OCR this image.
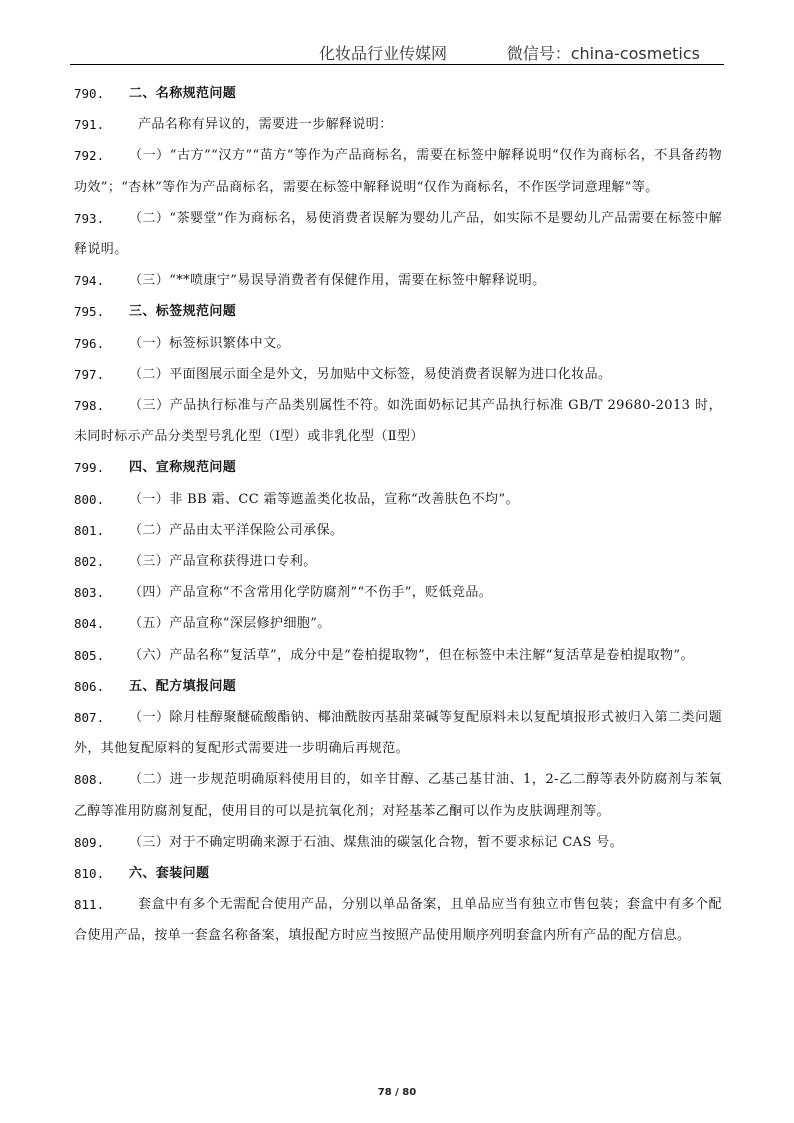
化妆品行业传媒网	微信号：china-cosmetics
790.	二、名称规范问题
791.	产品名称有异议的，需要进一步解释说明：
792.	（一）“古方”“汉方”“苗方”等作为产品商标名，需要在标签中解释说明“仅作为商标名，不具备药物功效”；“杏林”等作为产品商标名，需要在标签中解释说明“仅作为商标名，不作医学词意理解”等。
793.	（二）“茶婴堂”作为商标名，易使消费者误解为婴幼儿产品，如实际不是婴幼儿产品需要在标签中解释说明。
794.	（三）“**喷康宁”易误导消费者有保健作用，需要在标签中解释说明。
795.	三、标签规范问题
796.	（一）标签标识繁体中文。
797.	（二）平面图展示面全是外文，另加贴中文标签，易使消费者误解为进口化妆品。
798.	（三）产品执行标准与产品类别属性不符。如洗面奶标记其产品执行标准 GB/T 29680-2013 时，未同时标示产品分类型号乳化型（Ⅰ型）或非乳化型（Ⅱ型）
799.	四、宣称规范问题
800.	（一）非 BB 霜、CC 霜等遮盖类化妆品，宣称“改善肤色不均”。
801.	（二）产品由太平洋保险公司承保。
802.	（三）产品宣称获得进口专利。
803.	（四）产品宣称“不含常用化学防腐剂”“不伤手”，贬低竞品。
804.	（五）产品宣称“深层修护细胞”。
805.	（六）产品名称“复活草”，成分中是“卷柏提取物”，但在标签中未注解“复活草是卷柏提取物”。
806.	五、配方填报问题
807.	（一）除月桂醇聚醚硫酸酯钠、椰油酰胺丙基甜菜碱等复配原料未以复配填报形式被归入第二类问题外，其他复配原料的复配形式需要进一步明确后再规范。
808.	（二）进一步规范明确原料使用目的，如辛甘醇、乙基己基甘油、1，2-乙二醇等表外防腐剂与苯氧乙醇等准用防腐剂复配，使用目的可以是抗氧化剂；对羟基苯乙酮可以作为皮肤调理剂等。
809.	（三）对于不确定明确来源于石油、煤焦油的碳氢化合物，暂不要求标记 CAS 号。
810.	六、套装问题
811.	套盒中有多个无需配合使用产品，分别以单品备案，且单品应当有独立市售包装；套盒中有多个配合使用产品，按单一套盒名称备案，填报配方时应当按照产品使用顺序列明套盒内所有产品的配方信息。
78 / 80
